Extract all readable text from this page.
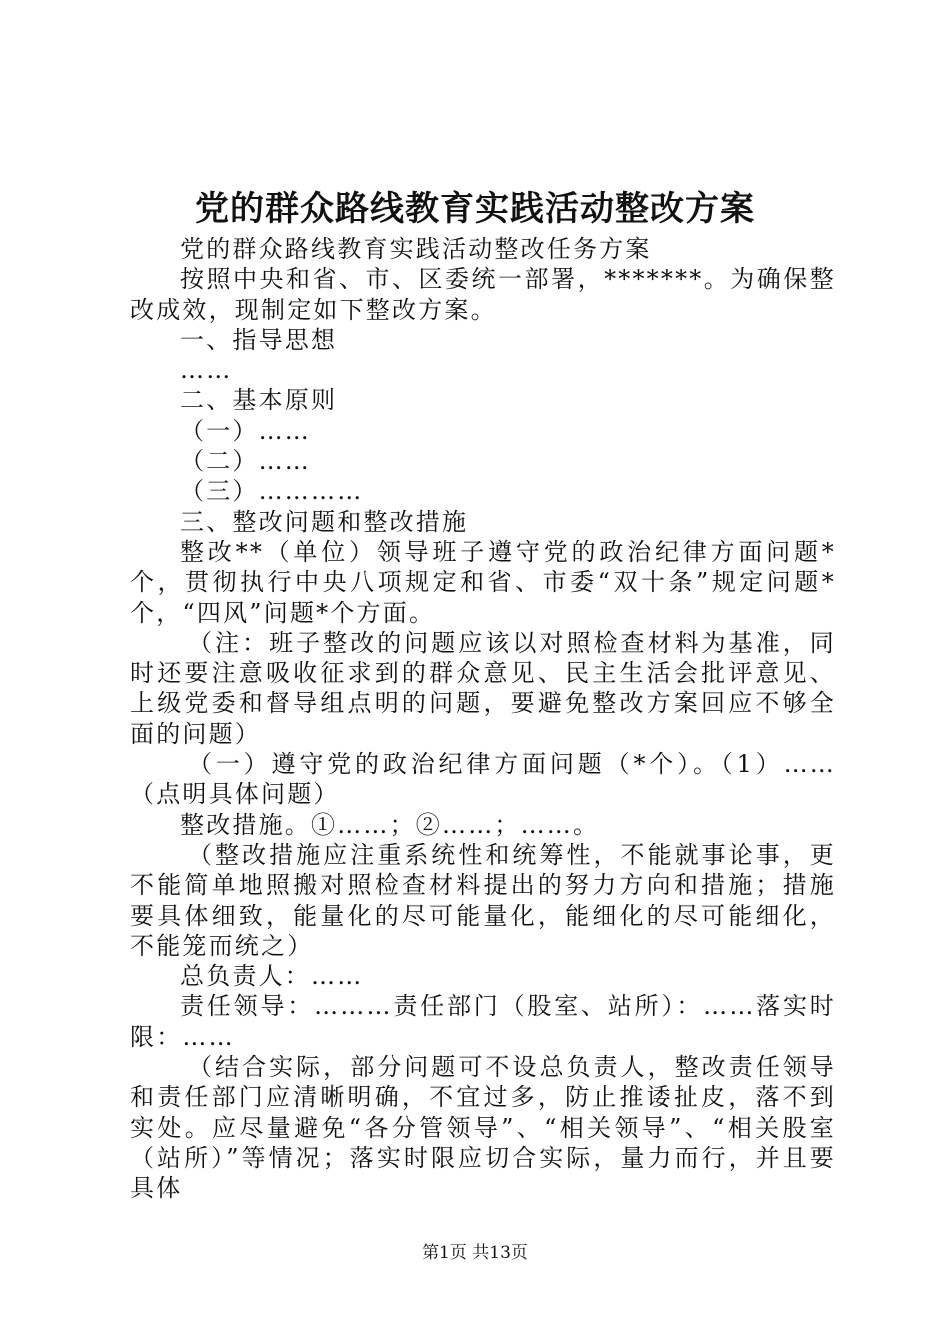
党的群众路线教育实践活动整改方案

党的群众路线教育实践活动整改任务方案

按照中央和省、市、区委统一部署，*******。为确保整改成效，现制定如下整改方案。

一、指导思想

……

二、基本原则

（一）……

（二）……

（三）…………

三、整改问题和整改措施

整改**（单位）领导班子遵守党的政治纪律方面问题*个，贯彻执行中央八项规定和省、市委“双十条”规定问题*个，“四风”问题*个方面。

（注：班子整改的问题应该以对照检查材料为基准，同时还要注意吸收征求到的群众意见、民主生活会批评意见、上级党委和督导组点明的问题，要避免整改方案回应不够全面的问题）

（一）遵守党的政治纪律方面问题（*个）。（1）……（点明具体问题）

整改措施。①……；②……；……。

（整改措施应注重系统性和统筹性，不能就事论事，更不能简单地照搬对照检查材料提出的努力方向和措施；措施要具体细致，能量化的尽可能量化，能细化的尽可能细化，不能笼而统之）

总负责人：……

责任领导：………责任部门（股室、站所）：……落实时限：……

（结合实际，部分问题可不设总负责人，整改责任领导和责任部门应清晰明确，不宜过多，防止推诿扯皮，落不到实处。应尽量避免“各分管领导”、“相关领导”、“相关股室（站所）”等情况；落实时限应切合实际，量力而行，并且要具体

第1页 共13页
